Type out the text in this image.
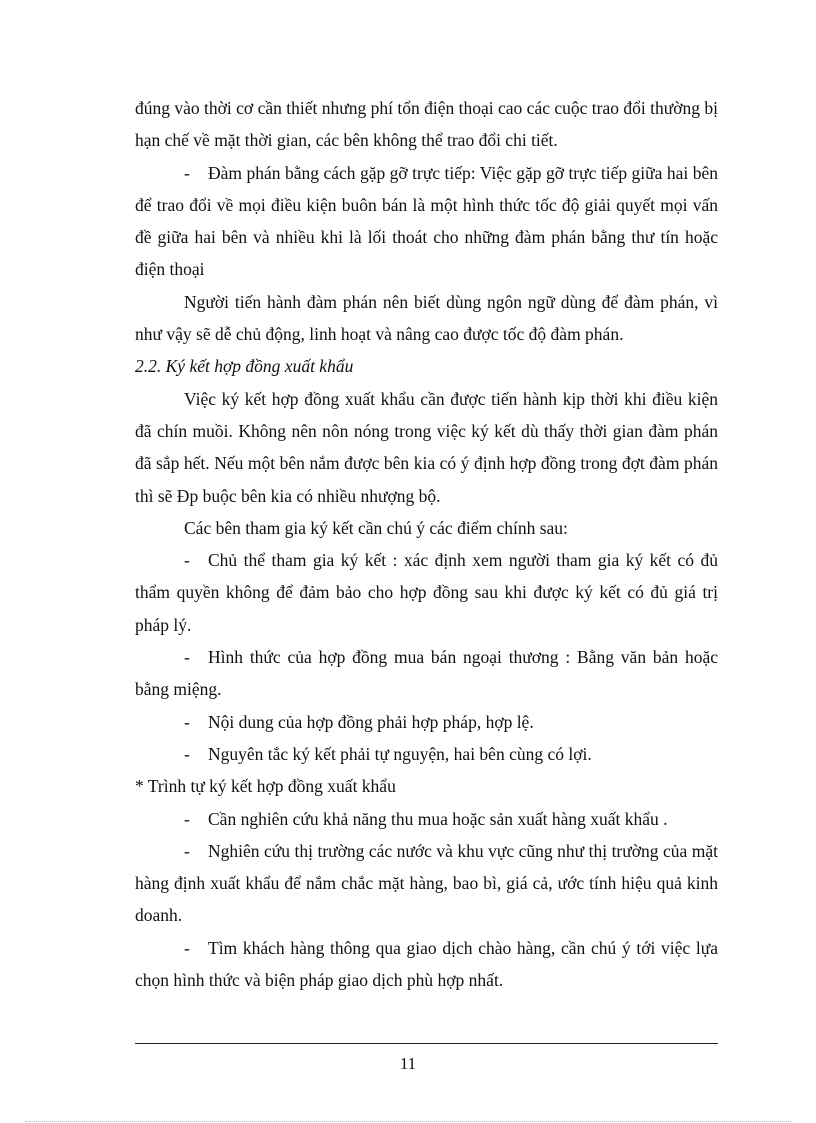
đúng vào thời cơ cần thiết nhưng phí tổn điện thoại cao các cuộc trao đổi thường bị hạn chế về mặt thời gian, các bên không thể trao đổi chi tiết.

- Đàm phán bằng cách gặp gỡ trực tiếp: Việc gặp gỡ trực tiếp giữa hai bên để trao đổi về mọi điều kiện buôn bán là một hình thức tốc độ giải quyết mọi vấn đề giữa hai bên và nhiều khi là lối thoát cho những đàm phán bằng thư tín hoặc điện thoại

Người tiến hành đàm phán nên biết dùng ngôn ngữ dùng để đàm phán, vì như vậy sẽ dễ chủ động, linh hoạt và nâng cao được tốc độ đàm phán.

2.2. Ký kết hợp đồng xuất khẩu

Việc ký kết hợp đồng xuất khẩu cần được tiến hành kịp thời khi điều kiện đã chín muồi. Không nên nôn nóng trong việc ký kết dù thấy thời gian đàm phán đã sắp hết. Nếu một bên nắm được bên kia có ý định hợp đồng trong đợt đàm phán thì sẽ Đp buộc bên kia có nhiều nhượng bộ.

Các bên tham gia ký kết cần chú ý các điểm chính sau:

- Chủ thể tham gia ký kết : xác định xem người tham gia ký kết có đủ thẩm quyền không để đảm bảo cho hợp đồng sau khi được ký kết có đủ giá trị pháp lý.

- Hình thức của hợp đồng mua bán ngoại thương : Bằng văn bản hoặc bằng miệng.

- Nội dung của hợp đồng phải hợp pháp, hợp lệ.

- Nguyên tắc ký kết phải tự nguyện, hai bên cùng có lợi.

* Trình tự ký kết hợp đồng xuất khẩu

- Cần nghiên cứu khả năng thu mua hoặc sản xuất hàng xuất khẩu .

- Nghiên cứu thị trường các nước và khu vực cũng như thị trường của mặt hàng định xuất khẩu để nắm chắc mặt hàng, bao bì, giá cả, ước tính hiệu quả kinh doanh.

- Tìm khách hàng thông qua giao dịch chào hàng, cần chú ý tới việc lựa chọn hình thức và biện pháp giao dịch phù hợp nhất.

11
